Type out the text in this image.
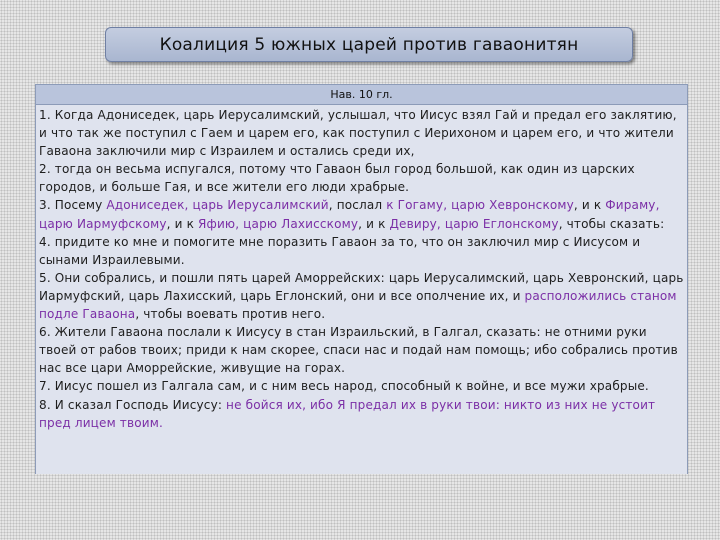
Коалиция 5 южных царей против гаваонитян
Нав. 10 гл.
1. Когда Адониседек, царь Иерусалимский, услышал, что Иисус взял Гай и предал его заклятию, и что так же поступил с Гаем и царем его, как поступил с Иерихоном и царем его, и что жители Гаваона заключили мир с Израилем и остались среди их,
2. тогда он весьма испугался, потому что Гаваон был город большой, как один из царских городов, и больше Гая, и все жители его люди храбрые.
3. Посему Адониседек, царь Иерусалимский, послал к Гогаму, царю Хевронскому, и к Фираму, царю Иармуфскому, и к Яфию, царю Лахисскому, и к Девиру, царю Еглонскому, чтобы сказать:
4. придите ко мне и помогите мне поразить Гаваон за то, что он заключил мир с Иисусом и сынами Израилевыми.
5. Они собрались, и пошли пять царей Аморрейских: царь Иерусалимский, царь Хевронский, царь Иармуфский, царь Лахисский, царь Еглонский, они и все ополчение их, и расположились станом подле Гаваона, чтобы воевать против него.
6. Жители Гаваона послали к Иисусу в стан Израильский, в Галгал, сказать: не отними руки твоей от рабов твоих; приди к нам скорее, спаси нас и подай нам помощь; ибо собрались против нас все цари Аморрейские, живущие на горах.
7. Иисус пошел из Галгала сам, и с ним весь народ, способный к войне, и все мужи храбрые.
8. И сказал Господь Иисусу: не бойся их, ибо Я предал их в руки твои: никто из них не устоит пред лицем твоим.
